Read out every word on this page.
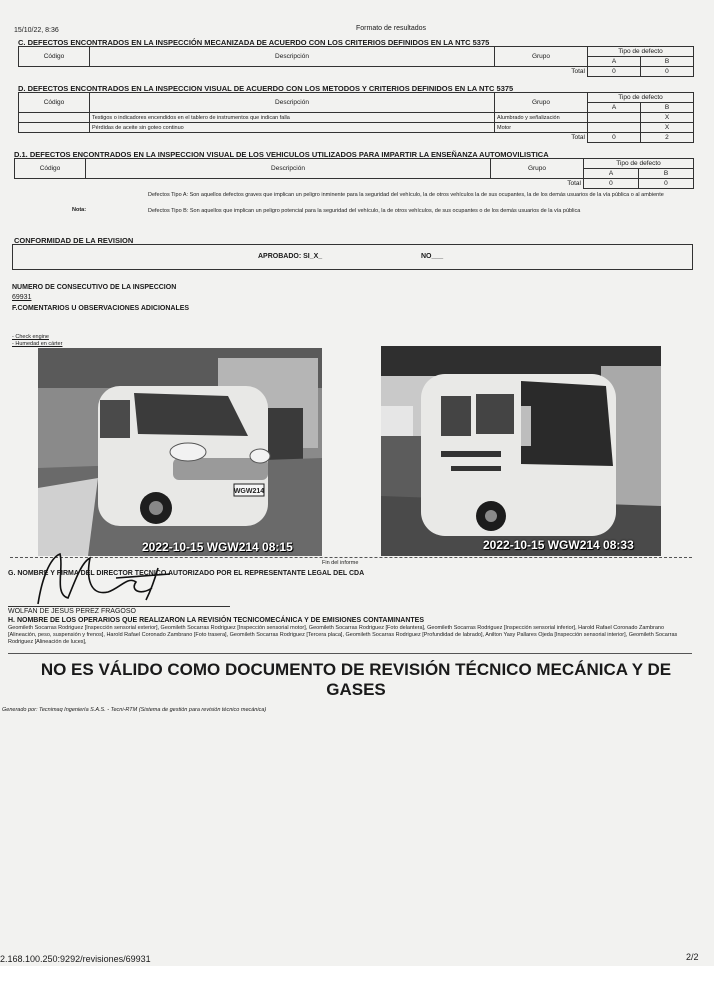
15/10/22, 8:36	Formato de resultados
C. DEFECTOS ENCONTRADOS EN LA INSPECCIÓN MECANIZADA DE ACUERDO CON LOS CRITERIOS DEFINIDOS EN LA NTC 5375
Código	Descripción	Grupo	Tipo de defecto	
			A	B
Total			0	0
D. DEFECTOS ENCONTRADOS EN LA INSPECCION VISUAL DE ACUERDO CON LOS METODOS Y CRITERIOS DEFINIDOS EN LA NTC 5375
Código	Descripción	Grupo	Tipo de defecto	
			A	B
	Testigos o indicadores encendidos en el tablero de instrumentos que indican falla	Alumbrado y señalización		X
	Pérdidas de aceite sin goteo continuo	Motor		X
Total			0	2
D.1. DEFECTOS ENCONTRADOS EN LA INSPECCION VISUAL DE LOS VEHICULOS UTILIZADOS PARA IMPARTIR LA ENSEÑANZA AUTOMOVILISTICA
Código	Descripción	Grupo	Tipo de defecto	
			A	B
Total			0	0
Nota:
Defectos Tipo A: Son aquellos defectos graves que implican un peligro inminente para la seguridad del vehículo, la de otros vehículos la de sus ocupantes, la de los demás usuarios de la vía pública o al ambiente
Defectos Tipo B: Son aquellos que implican un peligro potencial para la seguridad del vehículo, la de otros vehículos, de sus ocupantes o de los demás usuarios de la vía pública
CONFORMIDAD DE LA REVISION
APROBADO: SI_X_	NO___
NUMERO DE CONSECUTIVO DE LA INSPECCION
69931
F.COMENTARIOS U OBSERVACIONES ADICIONALES
- Check engine
- Humedad en cárter
WGW214
2022-10-15 WGW214 08:15	2022-10-15 WGW214 08:33
Fin del informe
G. NOMBRE Y FIRMA DEL DIRECTOR TECNICO AUTORIZADO POR EL REPRESENTANTE LEGAL DEL CDA
WOLFAN DE JESUS PEREZ FRAGOSO
H. NOMBRE DE LOS OPERARIOS QUE REALIZARON LA REVISIÓN TECNICOMECÁNICA Y DE EMISIONES CONTAMINANTES
Geomileth Socarras Rodriguez [Inspección sensorial exterior], Geomileth Socarras Rodriguez [Inspección sensorial motor], Geomileth Socarras Rodriguez [Foto delantera], Geomileth Socarras Rodriguez [Inspección sensorial inferior], Harold Rafael Coronado Zambrano [Alineación, peso, suspensión y frenos], Harold Rafael Coronado Zambrano [Foto trasera], Geomileth Socarras Rodriguez [Tercera placa], Geomileth Socarras Rodriguez [Profundidad de labrado], Anilton Yasy Pallares Ojeda [Inspección sensorial interior], Geomileth Socarras Rodriguez [Alineación de luces],
NO ES VÁLIDO COMO DOCUMENTO DE REVISIÓN TÉCNICO MECÁNICA Y DE GASES
Generado por: Tecnimaq Ingeniería S.A.S. - Tecni-RTM (Sistema de gestión para revisión técnico mecánica)
2.168.100.250:9292/revisiones/69931	2/2
